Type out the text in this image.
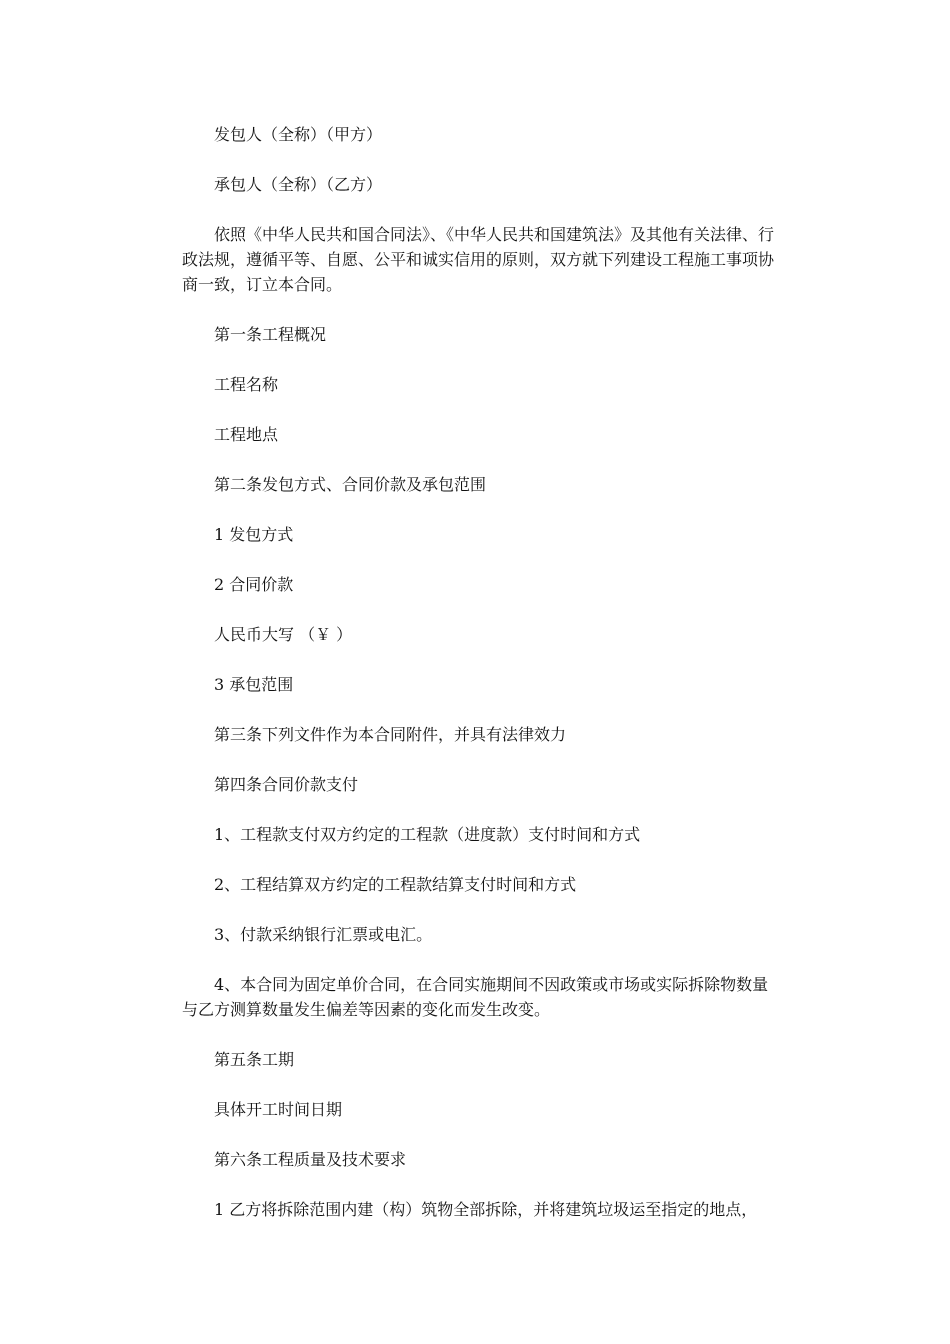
发包人（全称）（甲方）

承包人（全称）（乙方）

依照《中华人民共和国合同法》、《中华人民共和国建筑法》及其他有关法律、行政法规，遵循平等、自愿、公平和诚实信用的原则，双方就下列建设工程施工事项协商一致，订立本合同。

第一条工程概况

工程名称

工程地点

第二条发包方式、合同价款及承包范围

1 发包方式

2 合同价款

人民币大写 （￥ ）

3 承包范围

第三条下列文件作为本合同附件，并具有法律效力

第四条合同价款支付

1、工程款支付双方约定的工程款（进度款）支付时间和方式

2、工程结算双方约定的工程款结算支付时间和方式

3、付款采纳银行汇票或电汇。

4、本合同为固定单价合同，在合同实施期间不因政策或市场或实际拆除物数量与乙方测算数量发生偏差等因素的变化而发生改变。

第五条工期

具体开工时间日期

第六条工程质量及技术要求

1 乙方将拆除范围内建（构）筑物全部拆除，并将建筑垃圾运至指定的地点，
